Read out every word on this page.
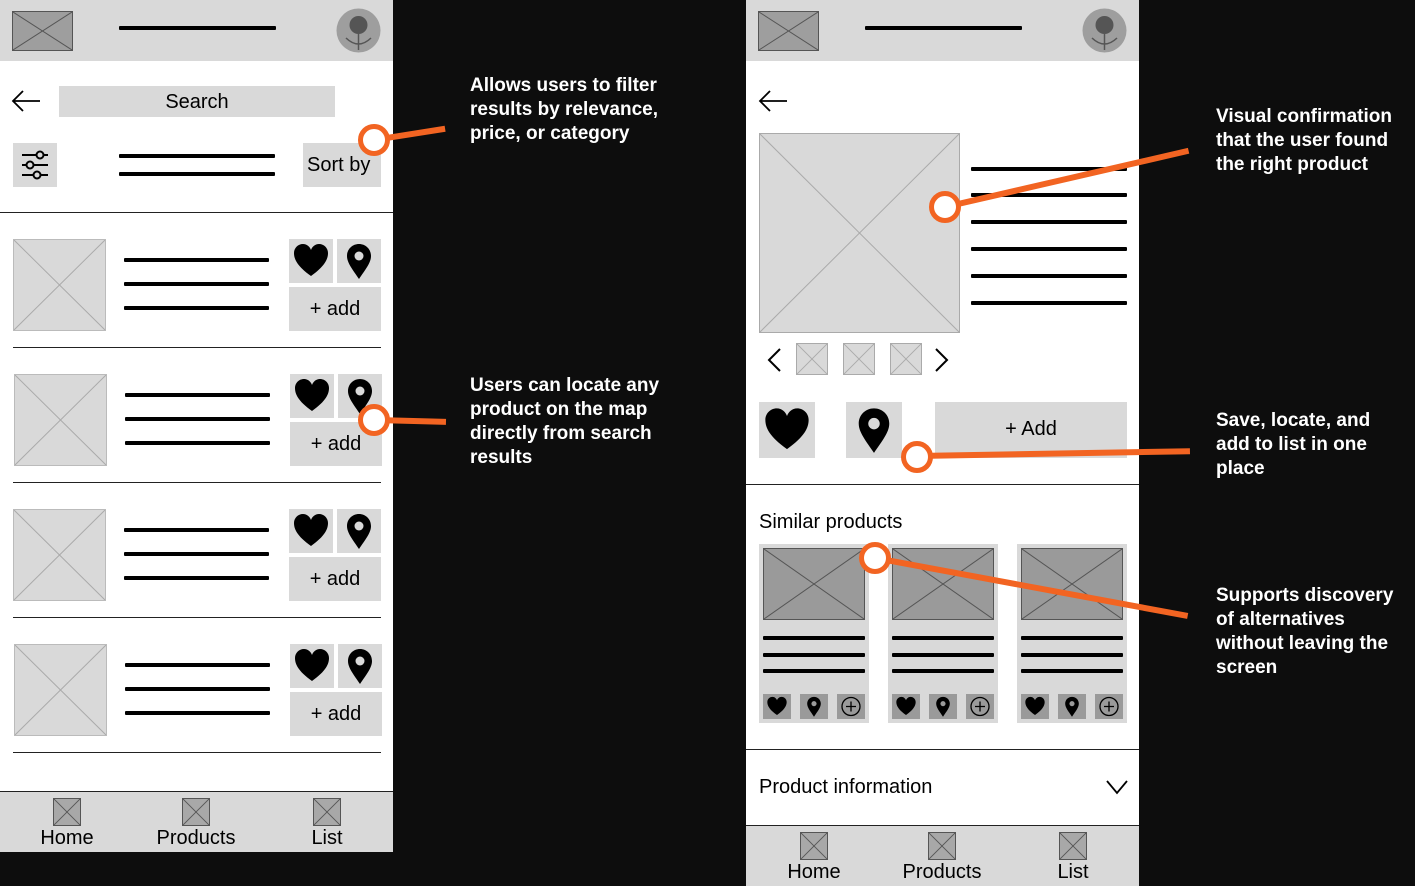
Search
Sort by
+ add
+ add
+ add
+ add
Home	Products	List
+ Add
Similar products
Product information
Home	Products	List
Allows users to filter results by relevance, price, or category
Users can locate any product on the map directly from search results
Visual confirmation that the user found the right product
Save, locate, and add to list in one place
Supports discovery of alternatives without leaving the screen
